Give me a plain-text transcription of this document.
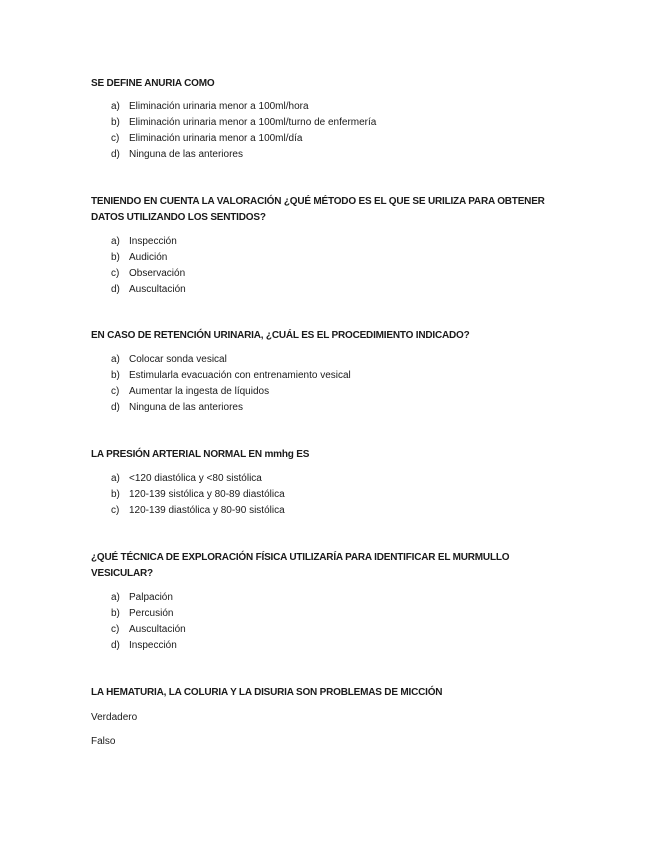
SE DEFINE ANURIA COMO
a) Eliminación urinaria menor a 100ml/hora
b) Eliminación urinaria menor a 100ml/turno de enfermería
c) Eliminación urinaria menor a 100ml/día
d) Ninguna de las anteriores
TENIENDO EN CUENTA LA VALORACIÓN ¿QUÉ MÉTODO ES EL QUE SE URILIZA PARA OBTENER DATOS UTILIZANDO LOS SENTIDOS?
a) Inspección
b) Audición
c) Observación
d) Auscultación
EN CASO DE RETENCIÓN URINARIA, ¿CUÁL ES EL PROCEDIMIENTO INDICADO?
a) Colocar sonda vesical
b) Estimularla evacuación con entrenamiento vesical
c) Aumentar la ingesta de líquidos
d) Ninguna de las anteriores
LA PRESIÓN ARTERIAL NORMAL EN mmhg ES
a) <120 diastólica y <80 sistólica
b) 120-139 sistólica y 80-89 diastólica
c) 120-139 diastólica y 80-90 sistólica
¿QUÉ TÉCNICA DE EXPLORACIÓN FÍSICA UTILIZARÍA PARA IDENTIFICAR EL MURMULLO VESICULAR?
a) Palpación
b) Percusión
c) Auscultación
d) Inspección
LA HEMATURIA, LA COLURIA Y LA DISURIA SON PROBLEMAS DE MICCIÓN
Verdadero
Falso
